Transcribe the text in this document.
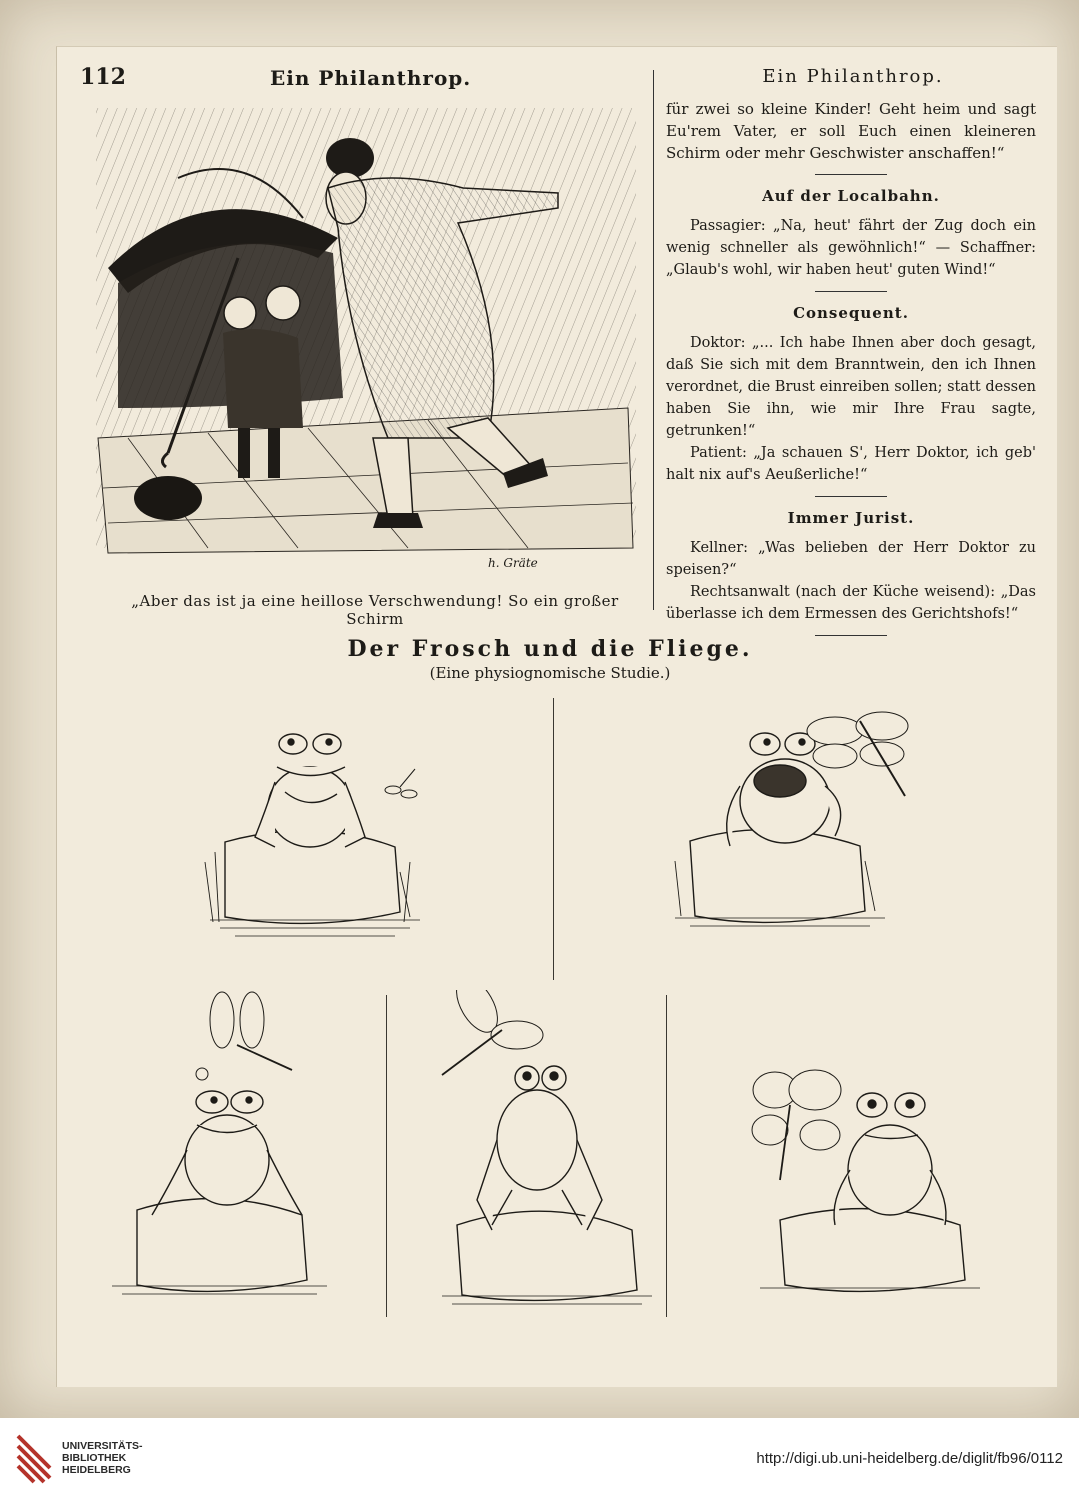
112	Ein Philanthrop.	Ein Philanthrop.
h. Gräte
„Aber das ist ja eine heillose Verschwendung! So ein großer Schirm

für zwei so kleine Kinder! Geht heim und sagt Eu'rem Vater, er soll Euch einen kleineren Schirm oder mehr Geschwister anschaffen!“

Auf der Localbahn.

Passagier: „Na, heut' fährt der Zug doch ein wenig schneller als gewöhnlich!“ — Schaffner: „Glaub's wohl, wir haben heut' guten Wind!“

Consequent.

Doktor: „... Ich habe Ihnen aber doch gesagt, daß Sie sich mit dem Branntwein, den ich Ihnen verordnet, die Brust einreiben sollen; statt dessen haben Sie ihn, wie mir Ihre Frau sagte, getrunken!“

Patient: „Ja schauen S', Herr Doktor, ich geb' halt nix auf's Aeußerliche!“

Immer Jurist.

Kellner: „Was belieben der Herr Doktor zu speisen?“

Rechtsanwalt (nach der Küche weisend): „Das überlasse ich dem Ermessen des Gerichtshofs!“

Der Frosch und die Fliege.
(Eine physiognomische Studie.)
UNIVERSITÄTS-
BIBLIOTHEK
HEIDELBERG
http://digi.ub.uni-heidelberg.de/diglit/fb96/0112
